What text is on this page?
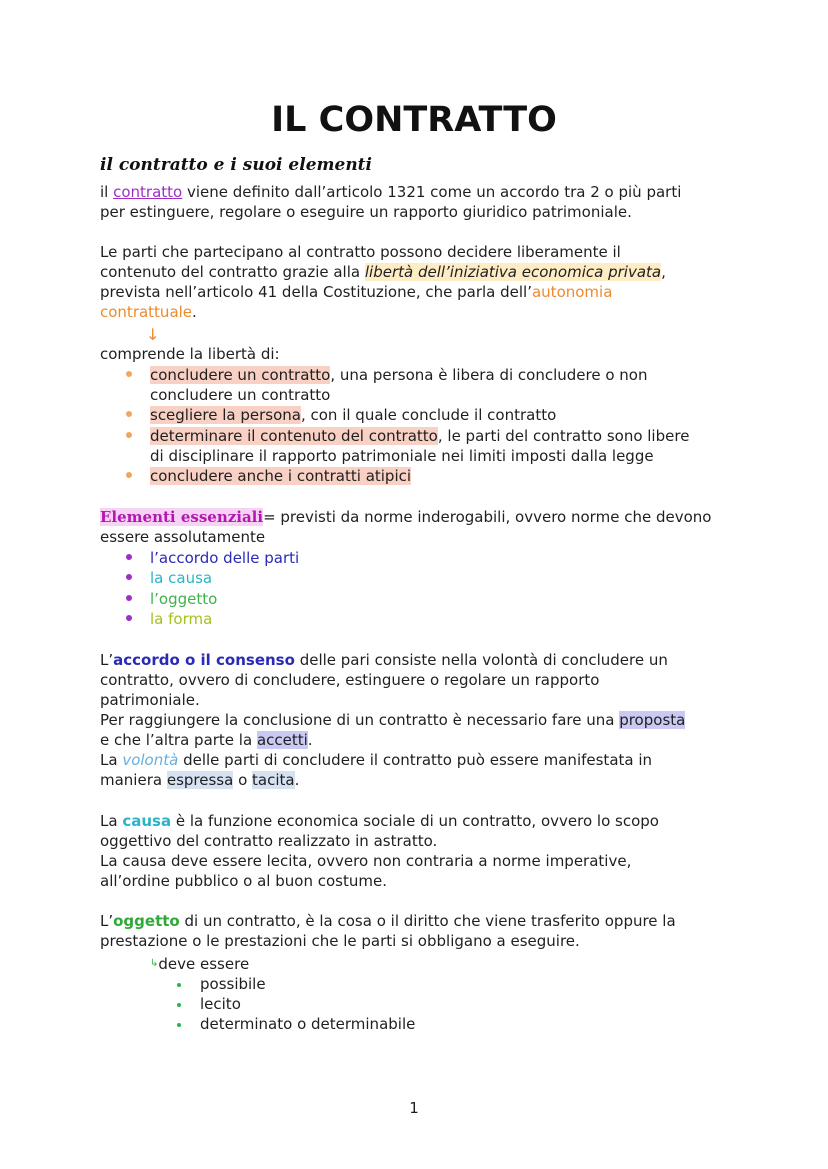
IL CONTRATTO
il contratto e i suoi elementi
il contratto viene definito dall’articolo 1321 come un accordo tra 2 o più parti
per estinguere, regolare o eseguire un rapporto giuridico patrimoniale.
Le parti che partecipano al contratto possono decidere liberamente il
contenuto del contratto grazie alla libertà dell’iniziativa economica privata,
prevista nell’articolo 41 della Costituzione, che parla dell’autonomia
contrattuale.
↓
comprende la libertà di:
concludere un contratto, una persona è libera di concludere o non
concludere un contratto
scegliere la persona, con il quale conclude il contratto
determinare il contenuto del contratto, le parti del contratto sono libere
di disciplinare il rapporto patrimoniale nei limiti imposti dalla legge
concludere anche i contratti atipici
Elementi essenziali= previsti da norme inderogabili, ovvero norme che devono
essere assolutamente
l’accordo delle parti
la causa
l’oggetto
la forma
L’accordo o il consenso delle pari consiste nella volontà di concludere un
contratto, ovvero di concludere, estinguere o regolare un rapporto
patrimoniale.
Per raggiungere la conclusione di un contratto è necessario fare una proposta
e che l’altra parte la accetti.
La volontà delle parti di concludere il contratto può essere manifestata in
maniera espressa o tacita.
La causa è la funzione economica sociale di un contratto, ovvero lo scopo
oggettivo del contratto realizzato in astratto.
La causa deve essere lecita, ovvero non contraria a norme imperative,
all’ordine pubblico o al buon costume.
L’oggetto di un contratto, è la cosa o il diritto che viene trasferito oppure la
prestazione o le prestazioni che le parti si obbligano a eseguire.
↳deve essere
possibile
lecito
determinato o determinabile
1
